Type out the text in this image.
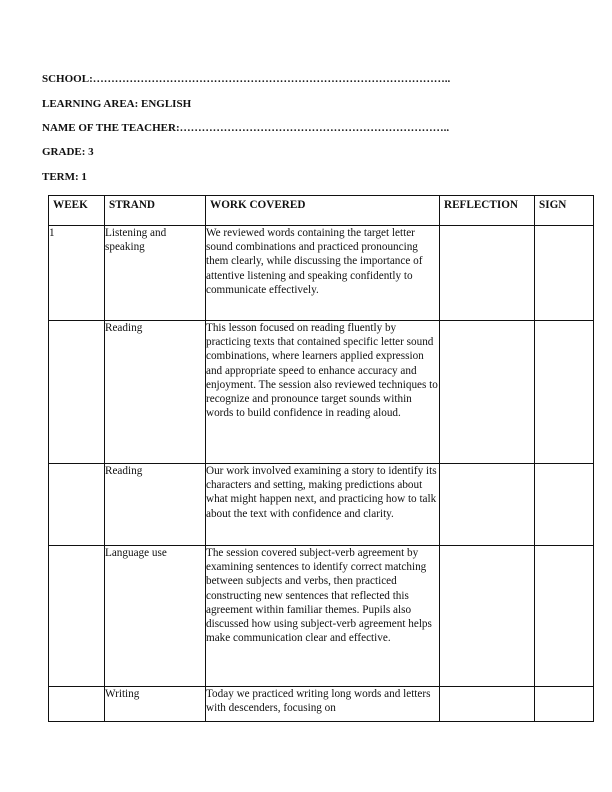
SCHOOL:……………………………………………………………………………………..
LEARNING AREA: ENGLISH
NAME OF THE TEACHER:………………………………………………………………..
GRADE: 3
TERM: 1
WEEK	STRAND	WORK COVERED	REFLECTION	SIGN
1	Listening and speaking	We reviewed words containing the target letter sound combinations and practiced pronouncing them clearly, while discussing the importance of attentive listening and speaking confidently to communicate effectively.		
	Reading	This lesson focused on reading fluently by practicing texts that contained specific letter sound combinations, where learners applied expression and appropriate speed to enhance accuracy and enjoyment. The session also reviewed techniques to recognize and pronounce target sounds within words to build confidence in reading aloud.		
	Reading	Our work involved examining a story to identify its characters and setting, making predictions about what might happen next, and practicing how to talk about the text with confidence and clarity.		
	Language use	The session covered subject-verb agreement by examining sentences to identify correct matching between subjects and verbs, then practiced constructing new sentences that reflected this agreement within familiar themes. Pupils also discussed how using subject-verb agreement helps make communication clear and effective.		
	Writing	Today we practiced writing long words and letters with descenders, focusing on		
